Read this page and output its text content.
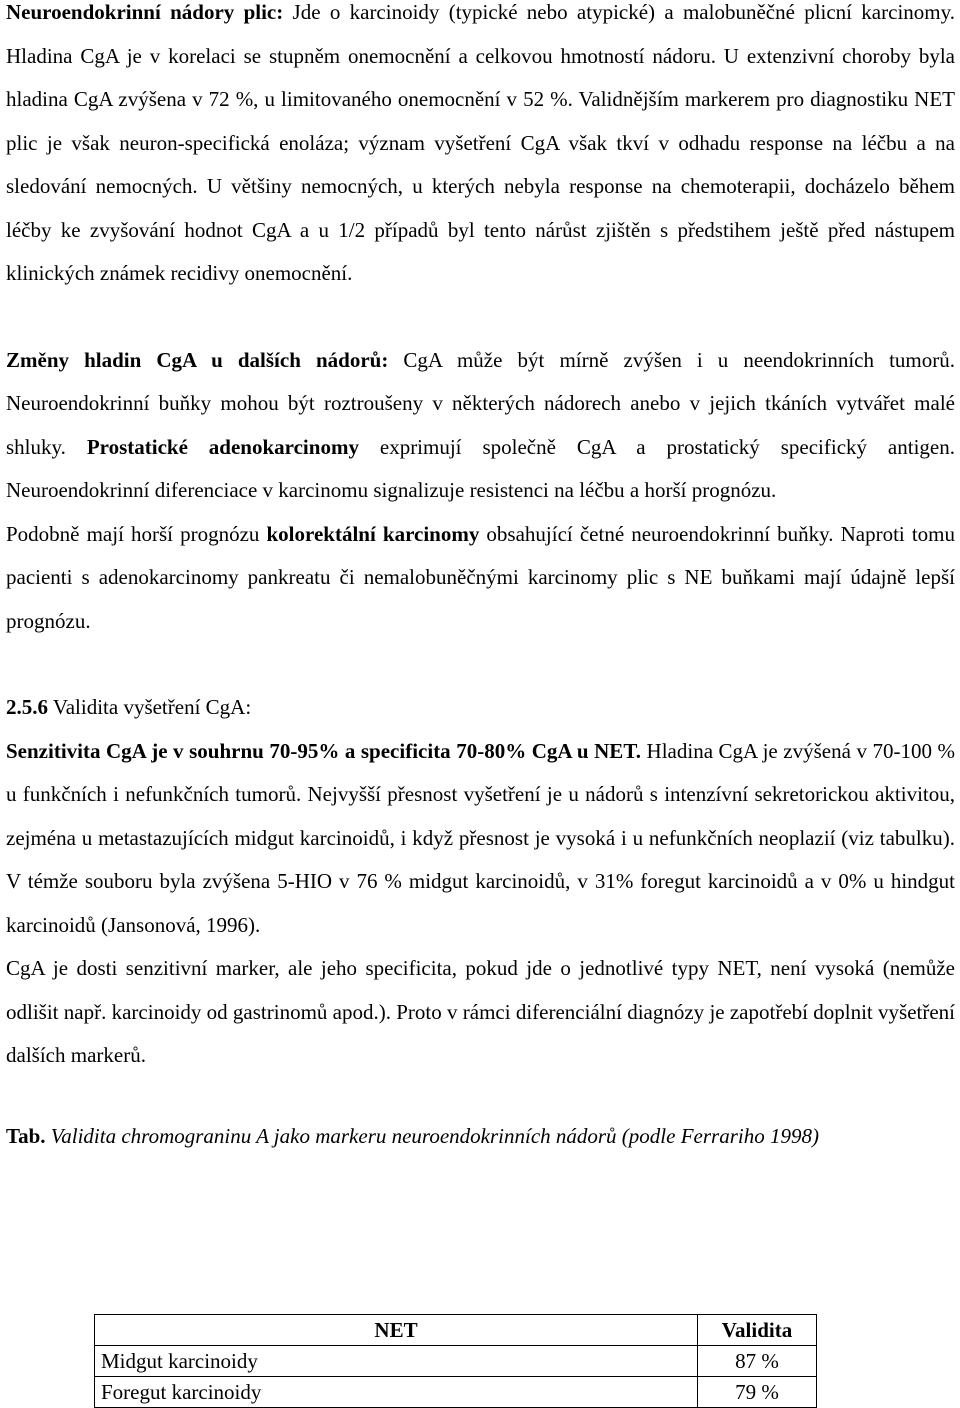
Neuroendokrinní nádory plic: Jde o karcinoidy (typické nebo atypické) a malobuněčné plicní karcinomy. Hladina CgA je v korelaci se stupněm onemocnění a celkovou hmotností nádoru. U extenzivní choroby byla hladina CgA zvýšena v 72 %, u limitovaného onemocnění v 52 %. Validnějším markerem pro diagnostiku NET plic je však neuron-specifická enoláza; význam vyšetření CgA však tkví v odhadu response na léčbu a na sledování nemocných. U většiny nemocných, u kterých nebyla response na chemoterapii, docházelo během léčby ke zvyšování hodnot CgA a u 1/2 případů byl tento nárůst zjištěn s předstihem ještě před nástupem klinických známek recidivy onemocnění.

Změny hladin CgA u dalších nádorů: CgA může být mírně zvýšen i u neendokrinních tumorů. Neuroendokrinní buňky mohou být roztroušeny v některých nádorech anebo v jejich tkáních vytvářet malé shluky. Prostatické adenokarcinomy exprimují společně CgA a prostatický specifický antigen. Neuroendokrinní diferenciace v karcinomu signalizuje resistenci na léčbu a horší prognózu.

Podobně mají horší prognózu kolorektální karcinomy obsahující četné neuroendokrinní buňky. Naproti tomu pacienti s adenokarcinomy pankreatu či nemalobuněčnými karcinomy plic s NE buňkami mají údajně lepší prognózu.

2.5.6 Validita vyšetření CgA:

Senzitivita CgA je v souhrnu 70-95% a specificita 70-80% CgA u NET. Hladina CgA je zvýšená v 70-100 % u funkčních i nefunkčních tumorů. Nejvyšší přesnost vyšetření je u nádorů s intenzívní sekretorickou aktivitou, zejména u metastazujících midgut karcinoidů, i když přesnost je vysoká i u nefunkčních neoplazií (viz tabulku). V témže souboru byla zvýšena 5-HIO v 76 % midgut karcinoidů, v 31% foregut karcinoidů a v 0% u hindgut karcinoidů (Jansonová, 1996).

CgA je dosti senzitivní marker, ale jeho specificita, pokud jde o jednotlivé typy NET, není vysoká (nemůže odlišit např. karcinoidy od gastrinomů apod.). Proto v rámci diferenciální diagnózy je zapotřebí doplnit vyšetření dalších markerů.

Tab. Validita chromograninu A jako markeru neuroendokrinních nádorů (podle Ferrariho 1998)

NET	Validita
Midgut karcinoidy	87 %
Foregut karcinoidy	79 %
